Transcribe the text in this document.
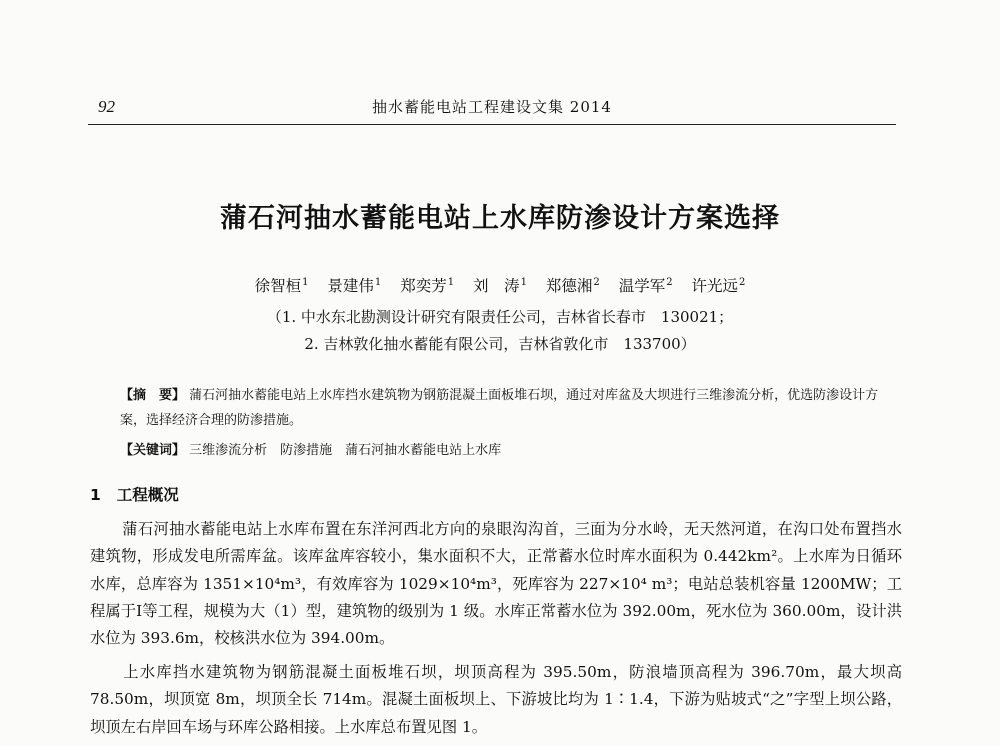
92	抽水蓄能电站工程建设文集 2014
蒲石河抽水蓄能电站上水库防渗设计方案选择
徐智桓$^1$ 景建伟$^1$ 郑奕芳$^1$ 刘　涛$^1$ 郑德湘$^2$ 温学军$^2$ 许光远$^2$
（1. 中水东北勘测设计研究有限责任公司，吉林省长春市　130021；
2. 吉林敦化抽水蓄能有限公司，吉林省敦化市　133700）
【摘　要】 蒲石河抽水蓄能电站上水库挡水建筑物为钢筋混凝土面板堆石坝，通过对库盆及大坝进行三维渗流分析，优选防渗设计方案，选择经济合理的防渗措施。
【关键词】 三维渗流分析　防渗措施　蒲石河抽水蓄能电站上水库
1 工程概况
蒲石河抽水蓄能电站上水库布置在东洋河西北方向的泉眼沟沟首，三面为分水岭，无天然河道，在沟口处布置挡水建筑物，形成发电所需库盆。该库盆库容较小，集水面积不大，正常蓄水位时库水面积为 0.442km²。上水库为日循环水库，总库容为 1351×10⁴m³，有效库容为 1029×10⁴m³，死库容为 227×10⁴ m³；电站总装机容量 1200MW；工程属于Ⅰ等工程，规模为大（1）型，建筑物的级别为 1 级。水库正常蓄水位为 392.00m，死水位为 360.00m，设计洪水位为 393.6m，校核洪水位为 394.00m。
上水库挡水建筑物为钢筋混凝土面板堆石坝，坝顶高程为 395.50m，防浪墙顶高程为 396.70m，最大坝高 78.50m，坝顶宽 8m，坝顶全长 714m。混凝土面板坝上、下游坡比均为 1∶1.4，下游为贴坡式“之”字型上坝公路，坝顶左右岸回车场与环库公路相接。上水库总布置见图 1。
